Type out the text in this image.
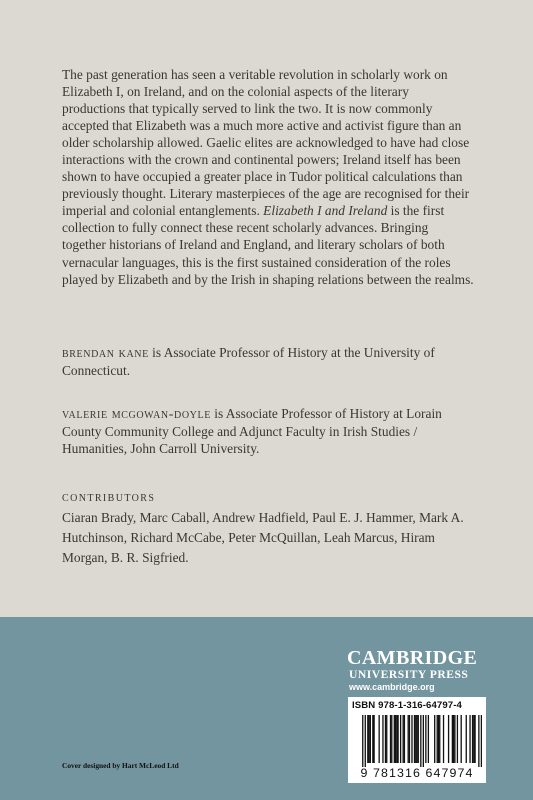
The past generation has seen a veritable revolution in scholarly work on Elizabeth I, on Ireland, and on the colonial aspects of the literary productions that typically served to link the two. It is now commonly accepted that Elizabeth was a much more active and activist figure than an older scholarship allowed. Gaelic elites are acknowledged to have had close interactions with the crown and continental powers; Ireland itself has been shown to have occupied a greater place in Tudor political calculations than previously thought. Literary masterpieces of the age are recognised for their imperial and colonial entanglements. Elizabeth I and Ireland is the first collection to fully connect these recent scholarly advances. Bringing together historians of Ireland and England, and literary scholars of both vernacular languages, this is the first sustained consideration of the roles played by Elizabeth and by the Irish in shaping relations between the realms.

brendan kane is Associate Professor of History at the University of Connecticut.

valerie mcgowan-doyle is Associate Professor of History at Lorain County Community College and Adjunct Faculty in Irish Studies / Humanities, John Carroll University.

CONTRIBUTORS

Ciaran Brady, Marc Caball, Andrew Hadfield, Paul E. J. Hammer, Mark A. Hutchinson, Richard McCabe, Peter McQuillan, Leah Marcus, Hiram Morgan, B. R. Sigfried.

CAMBRIDGE
UNIVERSITY PRESS
www.cambridge.org
ISBN 978-1-316-64797-4
9 781316 647974

Cover designed by Hart McLeod Ltd
